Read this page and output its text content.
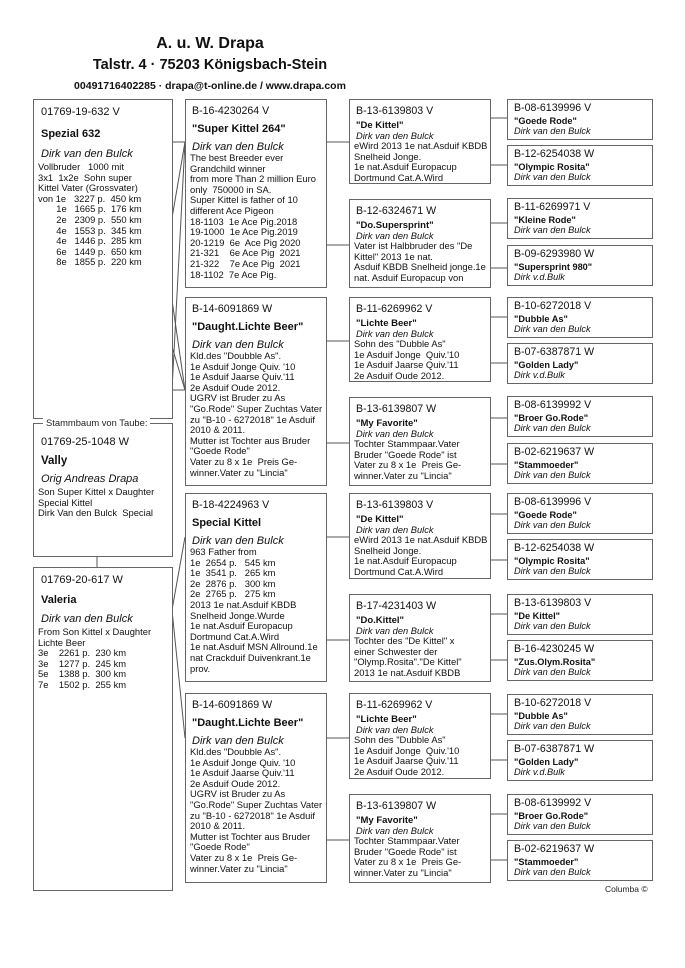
A. u. W. Drapa
Talstr. 4 · 75203 Königsbach-Stein
00491716402285 · drapa@t-online.de / www.drapa.com
01769-19-632 V
Spezial 632
Dirk van den Bulck
Vollbruder   1000 mit
3x1  1x2e  Sohn super
Kittel Vater (Grossvater)
von 1e   3227 p.  450 km
1e   1665 p.  176 km
2e   2309 p.  550 km
4e   1553 p.  345 km
4e   1446 p.  285 km
6e   1449 p.  650 km
8e   1855 p.  220 km
01769-25-1048 W
Vally
Orig Andreas Drapa
Son Super Kittel x Daughter
Special Kittel
Dirk Van den Bulck  Special
Stammbaum von Taube:
01769-20-617 W
Valeria
Dirk van den Bulck
From Son Kittel x Daughter
Lichte Beer
3e    2261 p.  230 km
3e    1277 p.  245 km
5e    1388 p.  300 km
7e    1502 p.  255 km
B-16-4230264 V
"Super Kittel 264"
Dirk van den Bulck
The best Breeder ever
Grandchild winner
from more Than 2 million Euro
only  750000 in SA.
Super Kittel is father of 10
different Ace Pigeon
18-1103  1e Ace Pig.2018
19-1000  1e Ace Pig.2019
20-1219  6e  Ace Pig 2020
21-321    6e Ace Pig  2021
21-322    7e Ace Pig  2021
18-1102  7e Ace Pig.
B-14-6091869 W
"Daught.Lichte Beer"
Dirk van den Bulck
Kld.des "Doubble As".
1e Asduif Jonge Quiv. '10
1e Asduif Jaarse Quiv.'11
2e Asduif Oude 2012.
UGRV ist Bruder zu As
"Go.Rode" Super Zuchtas Vater
zu "B-10 - 6272018" 1e Asduif
2010 & 2011.
Mutter ist Tochter aus Bruder
"Goede Rode"
Vater zu 8 x 1e  Preis Ge-
winner.Vater zu "Lincia"
B-18-4224963 V
Special Kittel
Dirk van den Bulck
963 Father from
1e  2654 p.   545 km
1e  3541 p.   265 km
2e  2876 p.   300 km
2e  2765 p.   275 km
2013 1e nat.Asduif KBDB
Snelheid Jonge.Wurde
1e nat.Asduif Europacup
Dortmund Cat.A.Wird
1e nat.Asduif MSN Allround.1e
nat Crackduif Duivenkrant.1e
prov.
B-14-6091869 W
"Daught.Lichte Beer"
Dirk van den Bulck
Kld.des "Doubble As".
1e Asduif Jonge Quiv. '10
1e Asduif Jaarse Quiv.'11
2e Asduif Oude 2012.
UGRV ist Bruder zu As
"Go.Rode" Super Zuchtas Vater
zu "B-10 - 6272018" 1e Asduif
2010 & 2011.
Mutter ist Tochter aus Bruder
"Goede Rode"
Vater zu 8 x 1e  Preis Ge-
winner.Vater zu "Lincia"
B-13-6139803 V
"De Kittel"
Dirk van den Bulck
eWird 2013 1e nat.Asduif KBDB
Snelheid Jonge.
1e nat.Asduif Europacup
Dortmund Cat.A.Wird
B-12-6324671 W
"Do.Supersprint"
Dirk van den Bulck
Vater ist Halbbruder des "De
Kittel" 2013 1e nat.
Asduif KBDB Snelheid jonge.1e
nat. Asduif Europacup von
B-11-6269962 V
"Lichte Beer"
Dirk van den Bulck
Sohn des "Dubble As"
1e Asduif Jonge  Quiv.'10
1e Asduif Jaarse Quiv.'11
2e Asduif Oude 2012.
B-13-6139807 W
"My Favorite"
Dirk van den Bulck
Tochter Stammpaar.Vater
Bruder "Goede Rode" ist
Vater zu 8 x 1e  Preis Ge-
winner.Vater zu "Lincia"
B-13-6139803 V
"De Kittel"
Dirk van den Bulck
eWird 2013 1e nat.Asduif KBDB
Snelheid Jonge.
1e nat.Asduif Europacup
Dortmund Cat.A.Wird
B-17-4231403 W
"Do.Kittel"
Dirk van den Bulck
Tochter des "De Kittel" x
einer Schwester der
"Olymp.Rosita"."De Kittel"
2013 1e nat.Asduif KBDB
B-11-6269962 V
"Lichte Beer"
Dirk van den Bulck
Sohn des "Dubble As"
1e Asduif Jonge  Quiv.'10
1e Asduif Jaarse Quiv.'11
2e Asduif Oude 2012.
B-13-6139807 W
"My Favorite"
Dirk van den Bulck
Tochter Stammpaar.Vater
Bruder "Goede Rode" ist
Vater zu 8 x 1e  Preis Ge-
winner.Vater zu "Lincia"
B-08-6139996 V
"Goede Rode"
Dirk van den Bulck
B-12-6254038 W
"Olympic Rosita"
Dirk van den Bulck
B-11-6269971 V
"Kleine Rode"
Dirk van den Bulck
B-09-6293980 W
"Supersprint 980"
Dirk v.d.Bulk
B-10-6272018 V
"Dubble As"
Dirk van den Bulck
B-07-6387871 W
"Golden Lady"
Dirk v.d.Bulk
B-08-6139992 V
"Broer Go.Rode"
Dirk van den Bulck
B-02-6219637 W
"Stammoeder"
Dirk van den Bulck
B-08-6139996 V
"Goede Rode"
Dirk van den Bulck
B-12-6254038 W
"Olympic Rosita"
Dirk van den Bulck
B-13-6139803 V
"De Kittel"
Dirk van den Bulck
B-16-4230245 W
"Zus.Olym.Rosita"
Dirk van den Bulck
B-10-6272018 V
"Dubble As"
Dirk van den Bulck
B-07-6387871 W
"Golden Lady"
Dirk v.d.Bulk
B-08-6139992 V
"Broer Go.Rode"
Dirk van den Bulck
B-02-6219637 W
"Stammoeder"
Dirk van den Bulck
Columba ©
